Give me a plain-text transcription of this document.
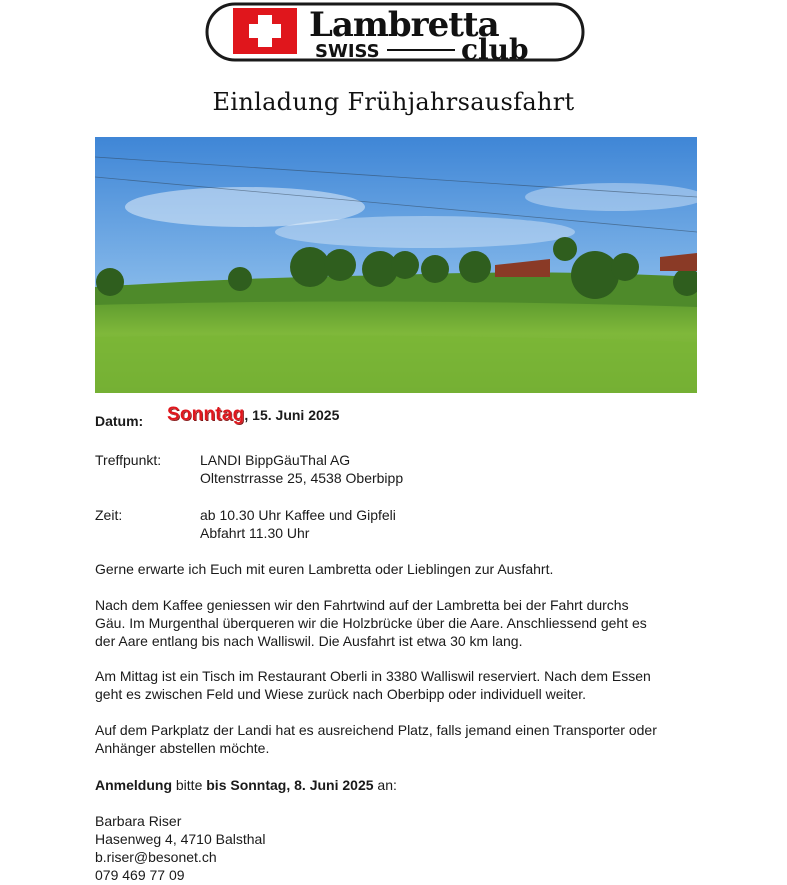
Lambretta
SWISS	club
Einladung Frühjahrsausfahrt
Datum: Sonntag, 15. Juni 2025
Treffpunkt:	LANDI BippGäuThal AG
Oltenstrrasse 25, 4538 Oberbipp
Zeit:	ab 10.30 Uhr Kaffee und Gipfeli
Abfahrt 11.30 Uhr
Gerne erwarte ich Euch mit euren Lambretta oder Lieblingen zur Ausfahrt.
Nach dem Kaffee geniessen wir den Fahrtwind auf der Lambretta bei der Fahrt durchs
Gäu. Im Murgenthal überqueren wir die Holzbrücke über die Aare. Anschliessend geht es
der Aare entlang bis nach Walliswil. Die Ausfahrt ist etwa 30 km lang.
Am Mittag ist ein Tisch im Restaurant Oberli in 3380 Walliswil reserviert. Nach dem Essen
geht es zwischen Feld und Wiese zurück nach Oberbipp oder individuell weiter.
Auf dem Parkplatz der Landi hat es ausreichend Platz, falls jemand einen Transporter oder
Anhänger abstellen möchte.
Anmeldung bitte bis Sonntag, 8. Juni 2025 an:
Barbara Riser
Hasenweg 4, 4710 Balsthal
b.riser@besonet.ch
079 469 77 09
